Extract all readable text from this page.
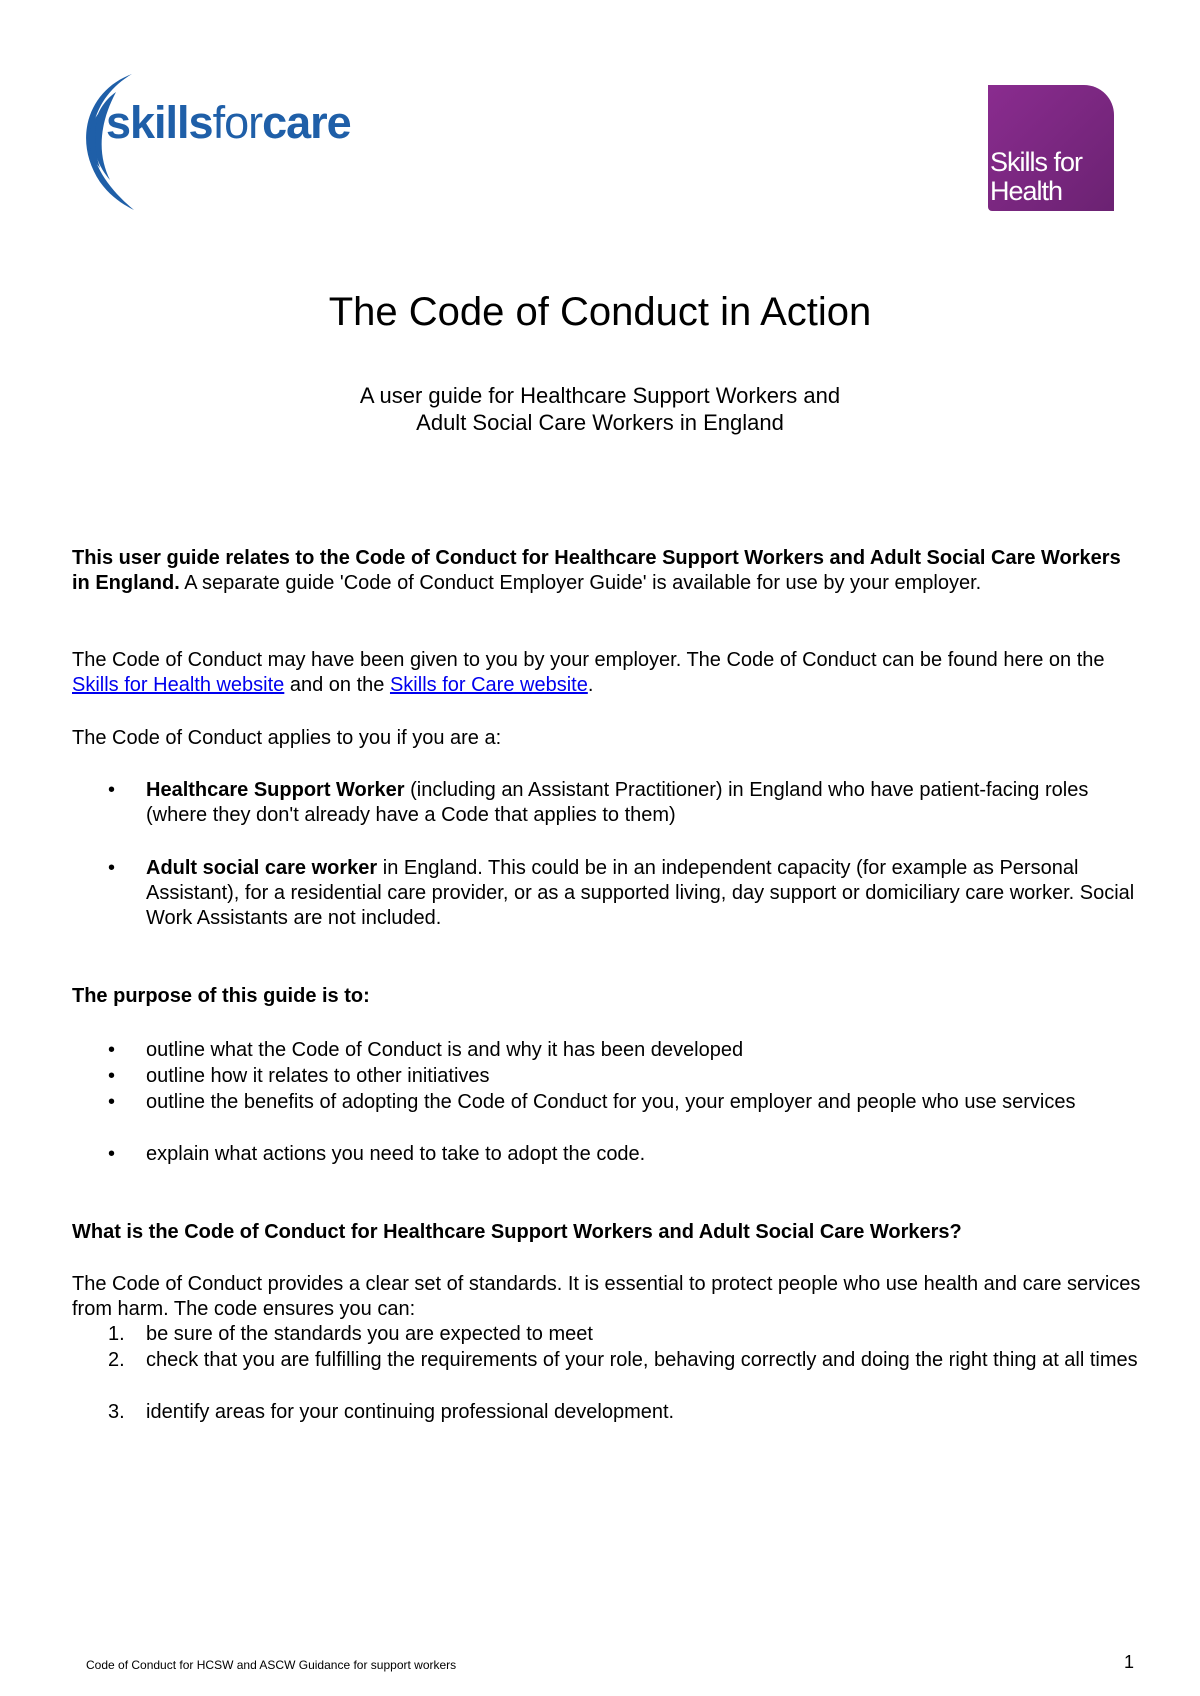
skillsforcare
Skills for
Health
The Code of Conduct in Action
A user guide for Healthcare Support Workers and
Adult Social Care Workers in England
This user guide relates to the Code of Conduct for Healthcare Support Workers and Adult Social Care Workers in England. A separate guide 'Code of Conduct Employer Guide' is available for use by your employer.
The Code of Conduct may have been given to you by your employer. The Code of Conduct can be found here on the Skills for Health website and on the Skills for Care website.
The Code of Conduct applies to you if you are a:
• Healthcare Support Worker (including an Assistant Practitioner) in England who have patient-facing roles (where they don't already have a Code that applies to them)
• Adult social care worker in England. This could be in an independent capacity (for example as Personal Assistant), for a residential care provider, or as a supported living, day support or domiciliary care worker. Social Work Assistants are not included.
The purpose of this guide is to:
• outline what the Code of Conduct is and why it has been developed
• outline how it relates to other initiatives
• outline the benefits of adopting the Code of Conduct for you, your employer and people who use services
• explain what actions you need to take to adopt the code.
What is the Code of Conduct for Healthcare Support Workers and Adult Social Care Workers?
The Code of Conduct provides a clear set of standards. It is essential to protect people who use health and care services from harm. The code ensures you can:
1. be sure of the standards you are expected to meet
2. check that you are fulfilling the requirements of your role, behaving correctly and doing the right thing at all times
3. identify areas for your continuing professional development.
Code of Conduct for HCSW and ASCW Guidance for support workers	1
